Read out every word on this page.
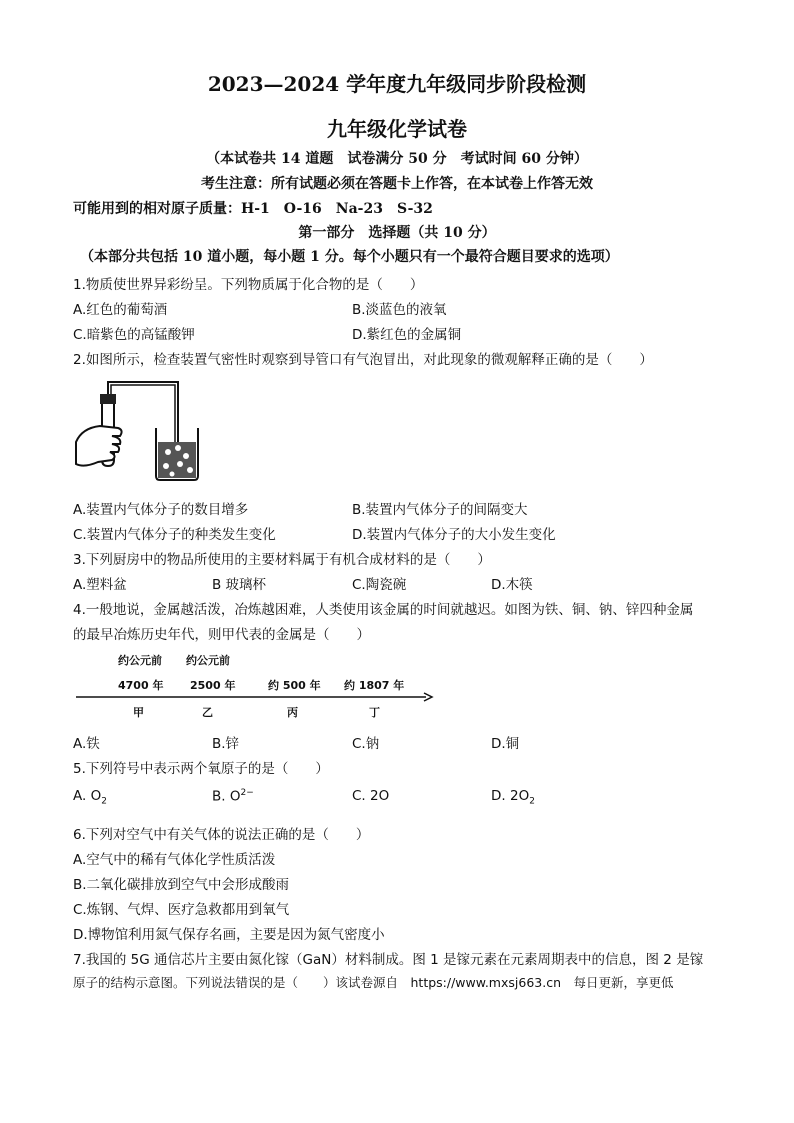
2023—2024 学年度九年级同步阶段检测
九年级化学试卷
（本试卷共 14 道题　试卷满分 50 分　考试时间 60 分钟）
考生注意：所有试题必须在答题卡上作答，在本试卷上作答无效
可能用到的相对原子质量：H-1　O-16　Na-23　S-32
第一部分　选择题（共 10 分）
（本部分共包括 10 道小题，每小题 1 分。每个小题只有一个最符合题目要求的选项）
1.物质使世界异彩纷呈。下列物质属于化合物的是（　　）
A.红色的葡萄酒	B.淡蓝色的液氧
C.暗紫色的高锰酸钾	D.紫红色的金属铜
2.如图所示，检查装置气密性时观察到导管口有气泡冒出，对此现象的微观解释正确的是（　　）
A.装置内气体分子的数目增多	B.装置内气体分子的间隔变大
C.装置内气体分子的种类发生变化	D.装置内气体分子的大小发生变化
3.下列厨房中的物品所使用的主要材料属于有机合成材料的是（　　）
A.塑料盆	B 玻璃杯	C.陶瓷碗	D.木筷
4.一般地说，金属越活泼，冶炼越困难，人类使用该金属的时间就越迟。如图为铁、铜、钠、锌四种金属
的最早冶炼历史年代，则甲代表的金属是（　　）
约公元前 约公元前
4700 年 2500 年	约 500 年 约 1807 年
甲	乙	丙	丁
A.铁	B.锌	C.钠	D.铜
5.下列符号中表示两个氧原子的是（　　）
A. $O_2$	B. $O^{2-}$	C. 2O	D. $2O_2$
6.下列对空气中有关气体的说法正确的是（　　）
A.空气中的稀有气体化学性质活泼
B.二氧化碳排放到空气中会形成酸雨
C.炼钢、气焊、医疗急救都用到氧气
D.博物馆利用氮气保存名画，主要是因为氮气密度小
7.我国的 5G 通信芯片主要由氮化镓（GaN）材料制成。图 1 是镓元素在元素周期表中的信息，图 2 是镓
原子的结构示意图。下列说法错误的是（　　）该试卷源自　https://www.mxsj663.cn　每日更新，享更低
